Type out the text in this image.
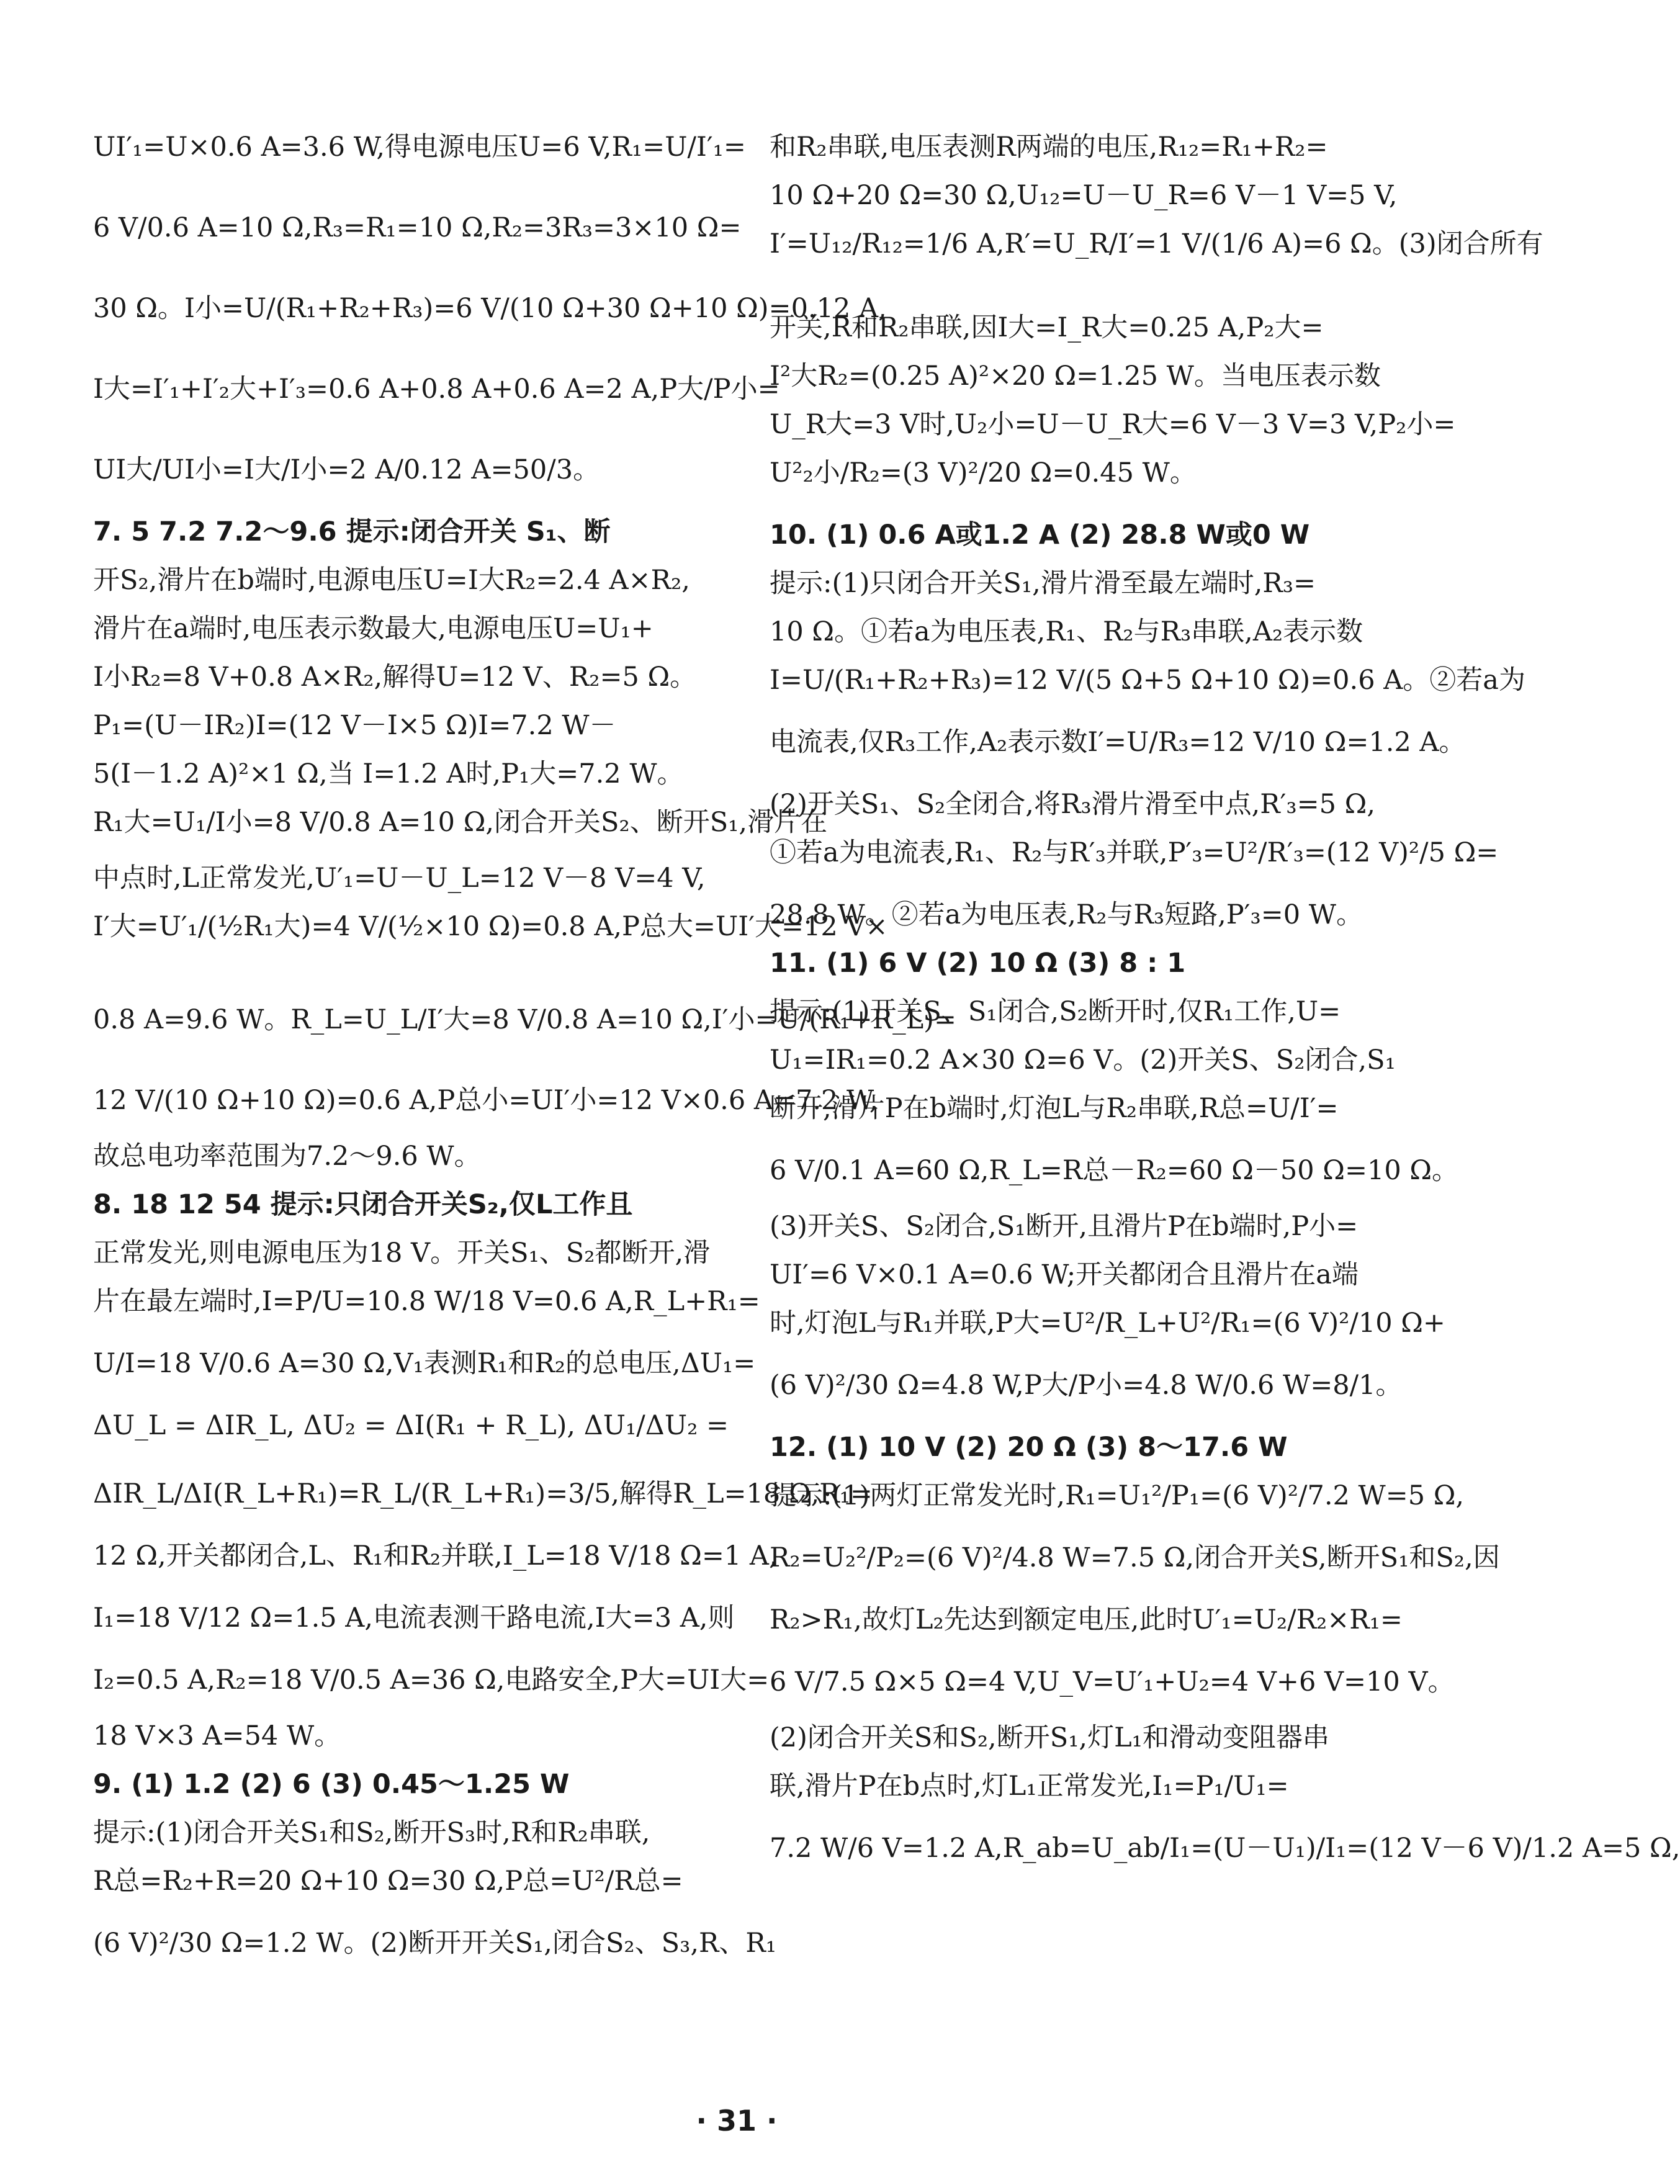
UI′₁=U×0.6 A=3.6 W,得电源电压U=6 V,R₁=U/I′₁=
6 V/0.6 A=10 Ω,R₃=R₁=10 Ω,R₂=3R₃=3×10 Ω=
30 Ω。I小=U/(R₁+R₂+R₃)=6 V/(10 Ω+30 Ω+10 Ω)=0.12 A,
I大=I′₁+I′₂大+I′₃=0.6 A+0.8 A+0.6 A=2 A,P大/P小=
UI大/UI小=I大/I小=2 A/0.12 A=50/3。
7. 5 7.2 7.2～9.6 提示:闭合开关 S₁、断
开S₂,滑片在b端时,电源电压U=I大R₂=2.4 A×R₂,
滑片在a端时,电压表示数最大,电源电压U=U₁+
I小R₂=8 V+0.8 A×R₂,解得U=12 V、R₂=5 Ω。
P₁=(U－IR₂)I=(12 V－I×5 Ω)I=7.2 W－
5(I－1.2 A)²×1 Ω,当 I=1.2 A时,P₁大=7.2 W。
R₁大=U₁/I小=8 V/0.8 A=10 Ω,闭合开关S₂、断开S₁,滑片在
中点时,L正常发光,U′₁=U－U_L=12 V－8 V=4 V,
I′大=U′₁/(½R₁大)=4 V/(½×10 Ω)=0.8 A,P总大=UI′大=12 V×
0.8 A=9.6 W。R_L=U_L/I′大=8 V/0.8 A=10 Ω,I′小=U/(R₁+R_L)=
12 V/(10 Ω+10 Ω)=0.6 A,P总小=UI′小=12 V×0.6 A=7.2 W,
故总电功率范围为7.2～9.6 W。
8. 18 12 54 提示:只闭合开关S₂,仅L工作且
正常发光,则电源电压为18 V。开关S₁、S₂都断开,滑
片在最左端时,I=P/U=10.8 W/18 V=0.6 A,R_L+R₁=
U/I=18 V/0.6 A=30 Ω,V₁表测R₁和R₂的总电压,ΔU₁=
ΔU_L = ΔIR_L, ΔU₂ = ΔI(R₁ + R_L), ΔU₁/ΔU₂ =
ΔIR_L/ΔI(R_L+R₁)=R_L/(R_L+R₁)=3/5,解得R_L=18 Ω,R₁=
12 Ω,开关都闭合,L、R₁和R₂并联,I_L=18 V/18 Ω=1 A,
I₁=18 V/12 Ω=1.5 A,电流表测干路电流,I大=3 A,则
I₂=0.5 A,R₂=18 V/0.5 A=36 Ω,电路安全,P大=UI大=
18 V×3 A=54 W。
9. (1) 1.2 (2) 6 (3) 0.45～1.25 W
提示:(1)闭合开关S₁和S₂,断开S₃时,R和R₂串联,
R总=R₂+R=20 Ω+10 Ω=30 Ω,P总=U²/R总=
(6 V)²/30 Ω=1.2 W。(2)断开开关S₁,闭合S₂、S₃,R、R₁
和R₂串联,电压表测R两端的电压,R₁₂=R₁+R₂=
10 Ω+20 Ω=30 Ω,U₁₂=U－U_R=6 V－1 V=5 V,
I′=U₁₂/R₁₂=1/6 A,R′=U_R/I′=1 V/(1/6 A)=6 Ω。(3)闭合所有
开关,R和R₂串联,因I大=I_R大=0.25 A,P₂大=
I²大R₂=(0.25 A)²×20 Ω=1.25 W。当电压表示数
U_R大=3 V时,U₂小=U－U_R大=6 V－3 V=3 V,P₂小=
U²₂小/R₂=(3 V)²/20 Ω=0.45 W。
10. (1) 0.6 A或1.2 A (2) 28.8 W或0 W
提示:(1)只闭合开关S₁,滑片滑至最左端时,R₃=
10 Ω。①若a为电压表,R₁、R₂与R₃串联,A₂表示数
I=U/(R₁+R₂+R₃)=12 V/(5 Ω+5 Ω+10 Ω)=0.6 A。②若a为
电流表,仅R₃工作,A₂表示数I′=U/R₃=12 V/10 Ω=1.2 A。
(2)开关S₁、S₂全闭合,将R₃滑片滑至中点,R′₃=5 Ω,
①若a为电流表,R₁、R₂与R′₃并联,P′₃=U²/R′₃=(12 V)²/5 Ω=
28.8 W。②若a为电压表,R₂与R₃短路,P′₃=0 W。
11. (1) 6 V (2) 10 Ω (3) 8 : 1
提示:(1)开关S、S₁闭合,S₂断开时,仅R₁工作,U=
U₁=IR₁=0.2 A×30 Ω=6 V。(2)开关S、S₂闭合,S₁
断开,滑片P在b端时,灯泡L与R₂串联,R总=U/I′=
6 V/0.1 A=60 Ω,R_L=R总－R₂=60 Ω－50 Ω=10 Ω。
(3)开关S、S₂闭合,S₁断开,且滑片P在b端时,P小=
UI′=6 V×0.1 A=0.6 W;开关都闭合且滑片在a端
时,灯泡L与R₁并联,P大=U²/R_L+U²/R₁=(6 V)²/10 Ω+
(6 V)²/30 Ω=4.8 W,P大/P小=4.8 W/0.6 W=8/1。
12. (1) 10 V (2) 20 Ω (3) 8～17.6 W
提示:(1)两灯正常发光时,R₁=U₁²/P₁=(6 V)²/7.2 W=5 Ω,
R₂=U₂²/P₂=(6 V)²/4.8 W=7.5 Ω,闭合开关S,断开S₁和S₂,因
R₂>R₁,故灯L₂先达到额定电压,此时U′₁=U₂/R₂×R₁=
6 V/7.5 Ω×5 Ω=4 V,U_V=U′₁+U₂=4 V+6 V=10 V。
(2)闭合开关S和S₂,断开S₁,灯L₁和滑动变阻器串
联,滑片P在b点时,灯L₁正常发光,I₁=P₁/U₁=
7.2 W/6 V=1.2 A,R_ab=U_ab/I₁=(U－U₁)/I₁=(12 V－6 V)/1.2 A=5 Ω,
· 31 ·
